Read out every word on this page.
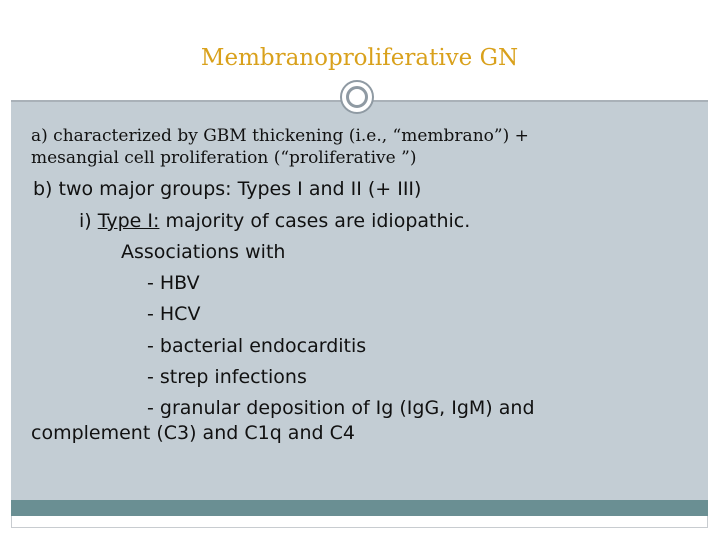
Membranoproliferative GN
a) characterized by GBM thickening (i.e., “membrano”) +
mesangial cell proliferation (“proliferative ”)
b) two major groups: Types I and II (+ III)
i) Type I: majority of cases are idiopathic.
Associations with
- HBV
- HCV
- bacterial endocarditis
- strep infections
- granular deposition of Ig (IgG, IgM) and
complement (C3) and C1q and C4
